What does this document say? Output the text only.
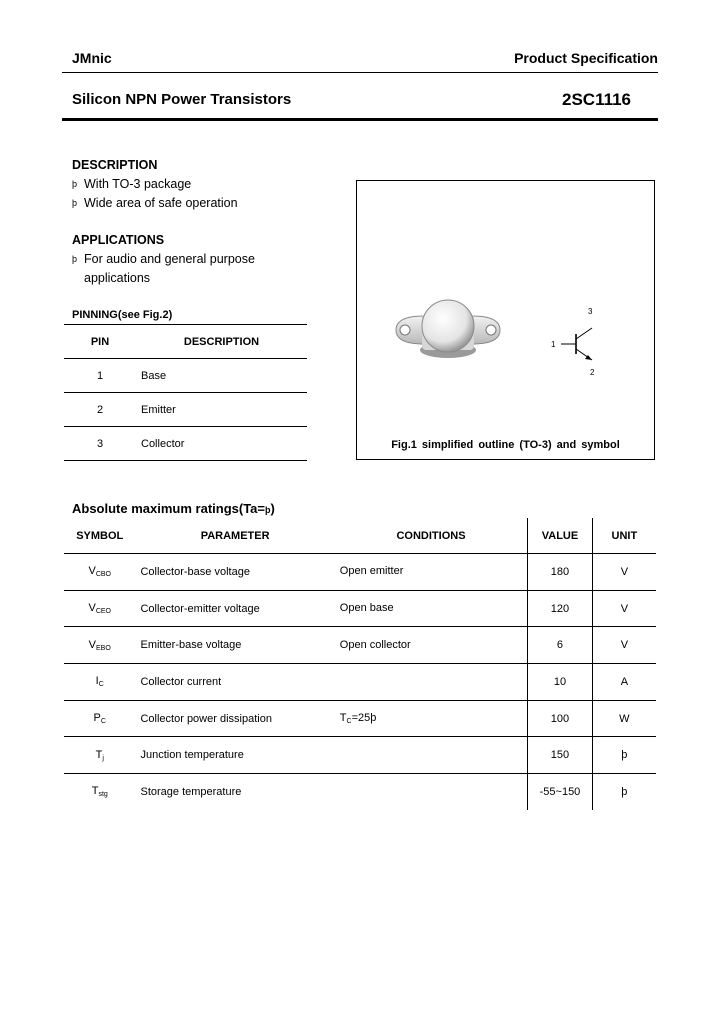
JMnic	Product Specification
Silicon NPN Power Transistors	2SC1116
DESCRIPTION
þ With TO-3 package
þ Wide area of safe operation
APPLICATIONS
þ For audio and general purpose
applications
PINNING(see Fig.2)
PIN	DESCRIPTION
1	Base
2	Emitter
3	Collector
3
1
2
Fig.1 simplified outline (TO-3) and symbol
Absolute maximum ratings(Ta=þ)
SYMBOL	PARAMETER	CONDITIONS	VALUE	UNIT
$V_{CBO}$	Collector-base voltage	Open emitter	180	V
$V_{CEO}$	Collector-emitter voltage	Open base	120	V
$V_{EBO}$	Emitter-base voltage	Open collector	6	V
$I_C$	Collector current		10	A
$P_C$	Collector power dissipation	$T_C=25þ$	100	W
$T_j$	Junction temperature		150	þ
$T_{stg}$	Storage temperature		-55~150	þ
